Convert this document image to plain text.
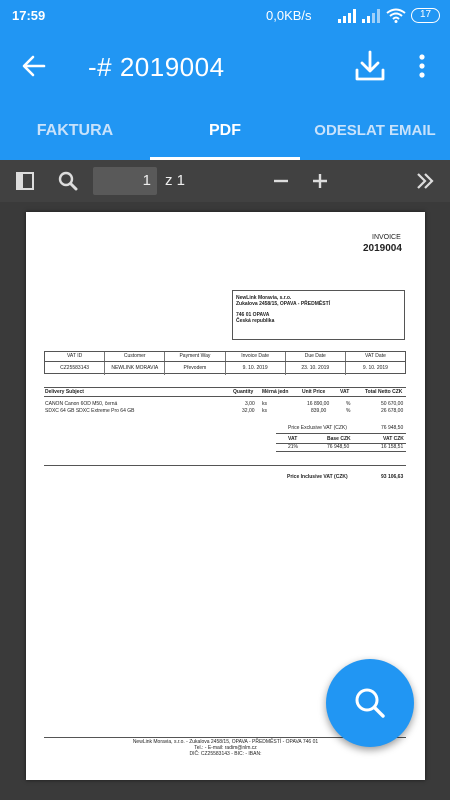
17:59	0,0KB/s	17
-# 2019004
FAKTURA	PDF	ODESLAT EMAIL
1 z 1
INVOICE
2019004
NewLink Moravia, s.r.o.
Zukalova 2458/15, OPAVA - PŘEDMĚSTÍ
746 01 OPAVA
Česká republika
VAT ID	Customer	Payment Way	Invoice Date	Due Date	VAT Date
CZ25583143	NEWLINK MORAVIA	Převodem	9. 10. 2019	23. 10. 2019	9. 10. 2019
Delivery Subject	Quantity Měrná jedn	Unit Price	VAT	Total Netto CZK
CANON Canon 6OD M50, černá	3,00 ks	16 890,00	%	50 670,00
SDXC 64 GB SDXC Extreme Pro 64 GB	32,00 ks	839,00	%	26 678,00
Price Exclusive VAT (CZK)	76 948,50
VAT	Base CZK	VAT CZK
21%	76 948,50	16 158,51
Price Inclusive VAT (CZK)	93 106,63
NewLink Moravia, s.r.o. - Zukalova 2458/15, OPAVA - PŘEDMĚSTÍ - OPAVA 746 01
Tel.: - E-mail: radim@nlm.cz
DIČ: CZ25583143 - BIC: - IBAN:
